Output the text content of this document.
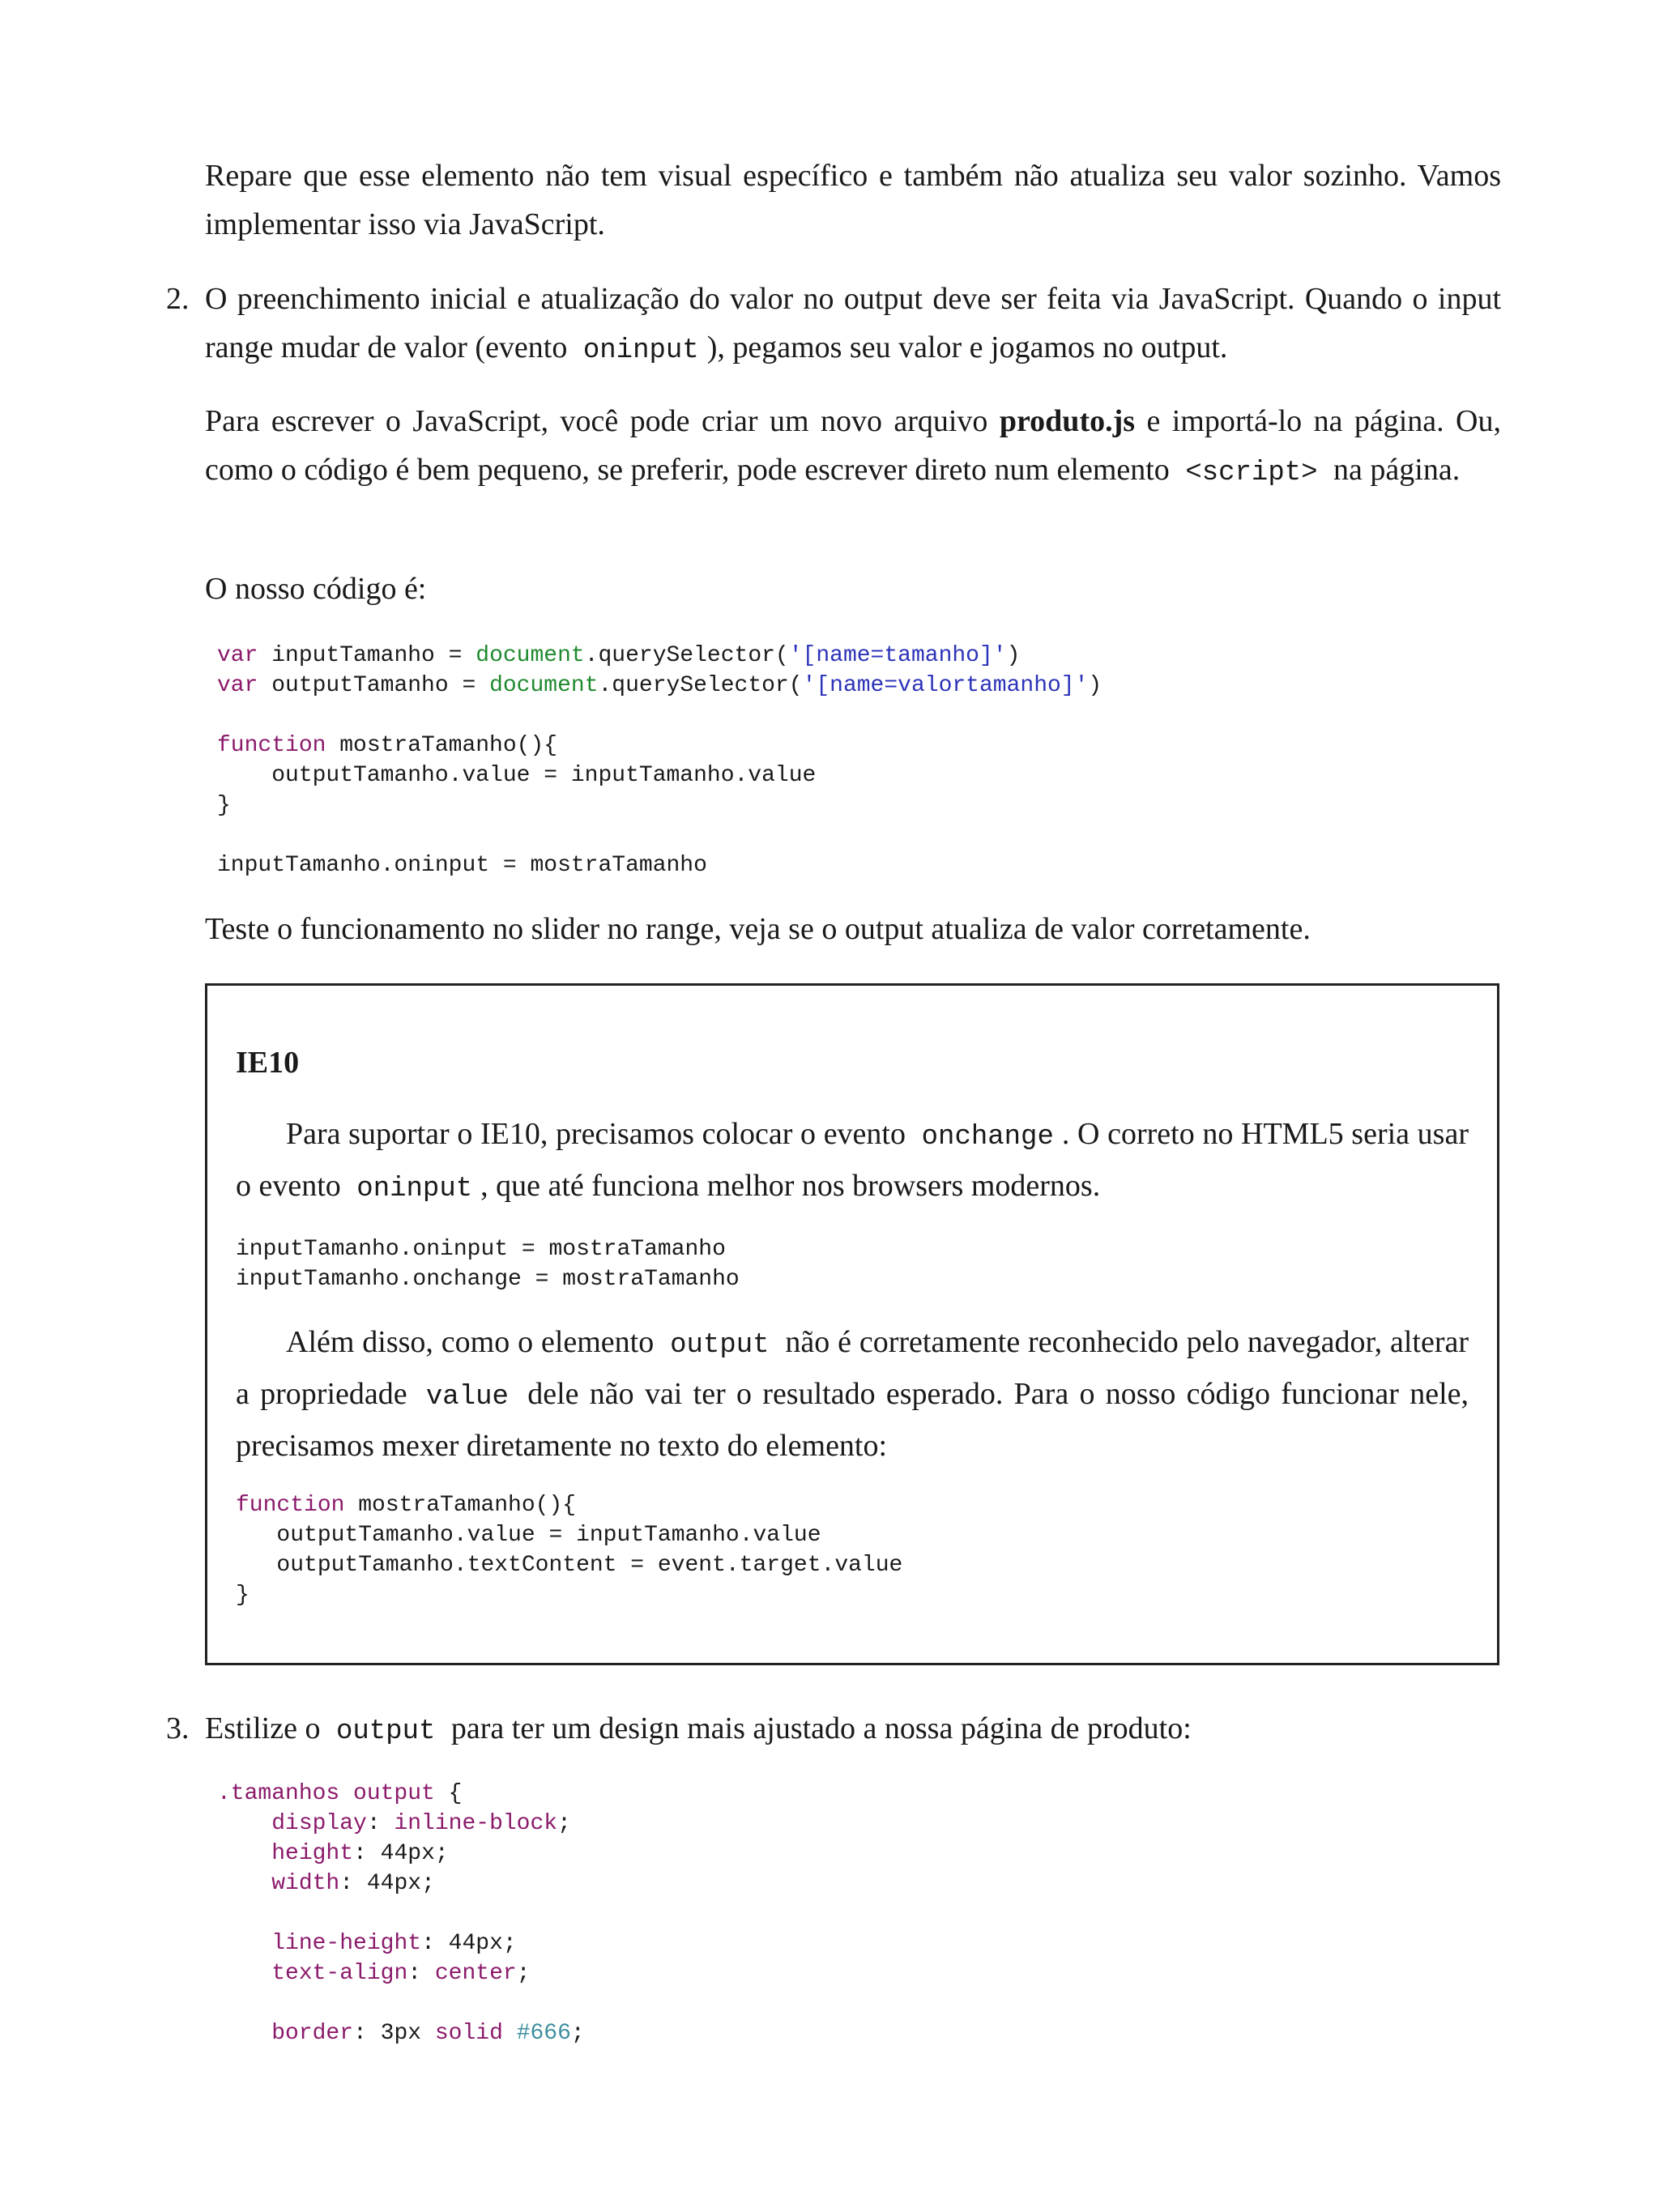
Repare que esse elemento não tem visual específico e também não atualiza seu valor sozinho. Vamos implementar isso via JavaScript.

2. O preenchimento inicial e atualização do valor no output deve ser feita via JavaScript. Quando o input range mudar de valor (evento oninput ), pegamos seu valor e jogamos no output.

Para escrever o JavaScript, você pode criar um novo arquivo produto.js e importá-lo na página. Ou, como o código é bem pequeno, se preferir, pode escrever direto num elemento <script> na página.

O nosso código é:

var inputTamanho = document.querySelector('[name=tamanho]')
var outputTamanho = document.querySelector('[name=valortamanho]')

function mostraTamanho(){
outputTamanho.value = inputTamanho.value
}

inputTamanho.oninput = mostraTamanho

Teste o funcionamento no slider no range, veja se o output atualiza de valor corretamente.

IE10

Para suportar o IE10, precisamos colocar o evento onchange . O correto no HTML5 seria usar o evento oninput , que até funciona melhor nos browsers modernos.

inputTamanho.oninput = mostraTamanho
inputTamanho.onchange = mostraTamanho

Além disso, como o elemento output não é corretamente reconhecido pelo navegador, alterar a propriedade value dele não vai ter o resultado esperado. Para o nosso código funcionar nele, precisamos mexer diretamente no texto do elemento:

function mostraTamanho(){
outputTamanho.value = inputTamanho.value
outputTamanho.textContent = event.target.value
}
3. Estilize o output para ter um design mais ajustado a nossa página de produto:

.tamanhos output {
display: inline-block;
height: 44px;
width: 44px;

line-height: 44px;
text-align: center;

border: 3px solid #666;
